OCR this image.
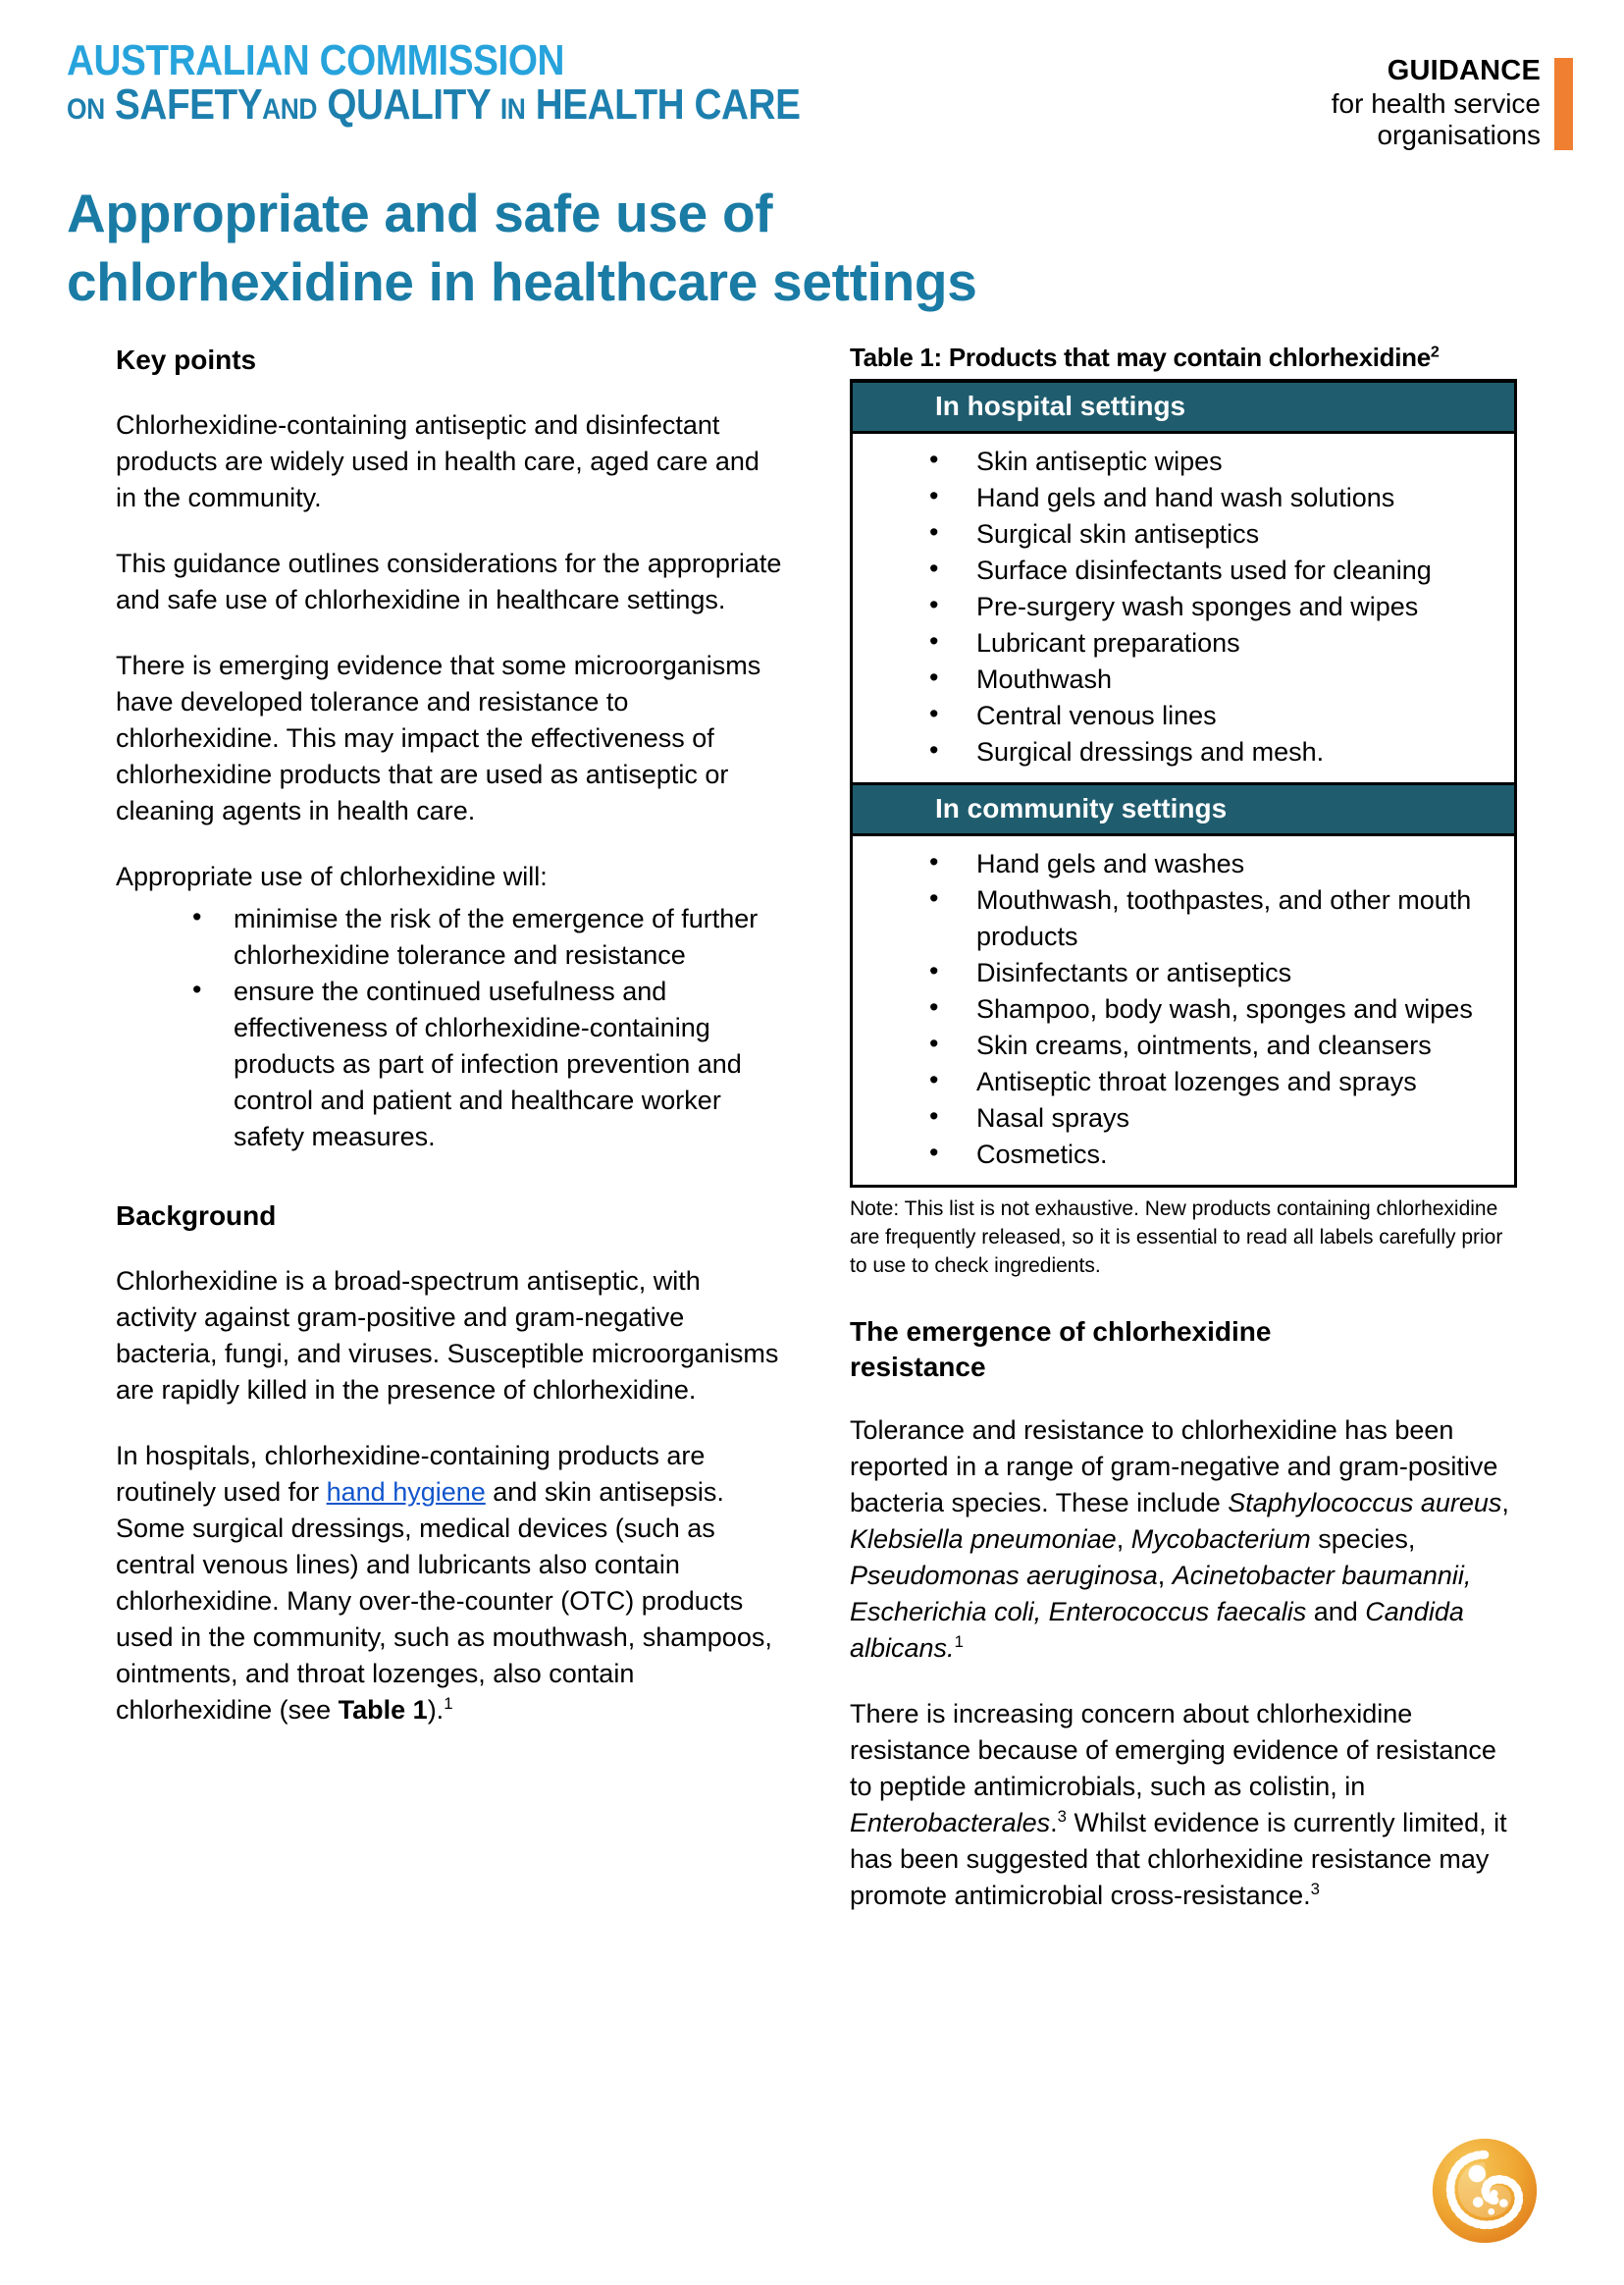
AUSTRALIAN COMMISSION
ON SAFETYAND QUALITY IN HEALTH CARE
GUIDANCE
for health service
organisations
Appropriate and safe use of
chlorhexidine in healthcare settings
Key points

Chlorhexidine-containing antiseptic and disinfectant products are widely used in health care, aged care and in the community.

This guidance outlines considerations for the appropriate and safe use of chlorhexidine in healthcare settings.

There is emerging evidence that some microorganisms have developed tolerance and resistance to chlorhexidine. This may impact the effectiveness of chlorhexidine products that are used as antiseptic or cleaning agents in health care.

Appropriate use of chlorhexidine will:

• minimise the risk of the emergence of further chlorhexidine tolerance and resistance
• ensure the continued usefulness and effectiveness of chlorhexidine-containing products as part of infection prevention and control and patient and healthcare worker safety measures.
Background

Chlorhexidine is a broad-spectrum antiseptic, with activity against gram-positive and gram-negative bacteria, fungi, and viruses. Susceptible microorganisms are rapidly killed in the presence of chlorhexidine.

In hospitals, chlorhexidine-containing products are routinely used for hand hygiene and skin antisepsis. Some surgical dressings, medical devices (such as central venous lines) and lubricants also contain chlorhexidine. Many over-the-counter (OTC) products used in the community, such as mouthwash, shampoos, ointments, and throat lozenges, also contain chlorhexidine (see Table 1).$^1$

Table 1: Products that may contain chlorhexidine$^2$
In hospital settings
• Skin antiseptic wipes
• Hand gels and hand wash solutions
• Surgical skin antiseptics
• Surface disinfectants used for cleaning
• Pre-surgery wash sponges and wipes
• Lubricant preparations
• Mouthwash
• Central venous lines
• Surgical dressings and mesh.
In community settings
• Hand gels and washes
• Mouthwash, toothpastes, and other mouth products
• Disinfectants or antiseptics
• Shampoo, body wash, sponges and wipes
• Skin creams, ointments, and cleansers
• Antiseptic throat lozenges and sprays
• Nasal sprays
• Cosmetics.

Note: This list is not exhaustive. New products containing chlorhexidine are frequently released, so it is essential to read all labels carefully prior to use to check ingredients.

The emergence of chlorhexidine
resistance

Tolerance and resistance to chlorhexidine has been reported in a range of gram-negative and gram-positive bacteria species. These include Staphylococcus aureus, Klebsiella pneumoniae, Mycobacterium species, Pseudomonas aeruginosa, Acinetobacter baumannii, Escherichia coli, Enterococcus faecalis and Candida albicans.$^1$

There is increasing concern about chlorhexidine resistance because of emerging evidence of resistance to peptide antimicrobials, such as colistin, in Enterobacterales.$^3$ Whilst evidence is currently limited, it has been suggested that chlorhexidine resistance may promote antimicrobial cross-resistance.$^3$
